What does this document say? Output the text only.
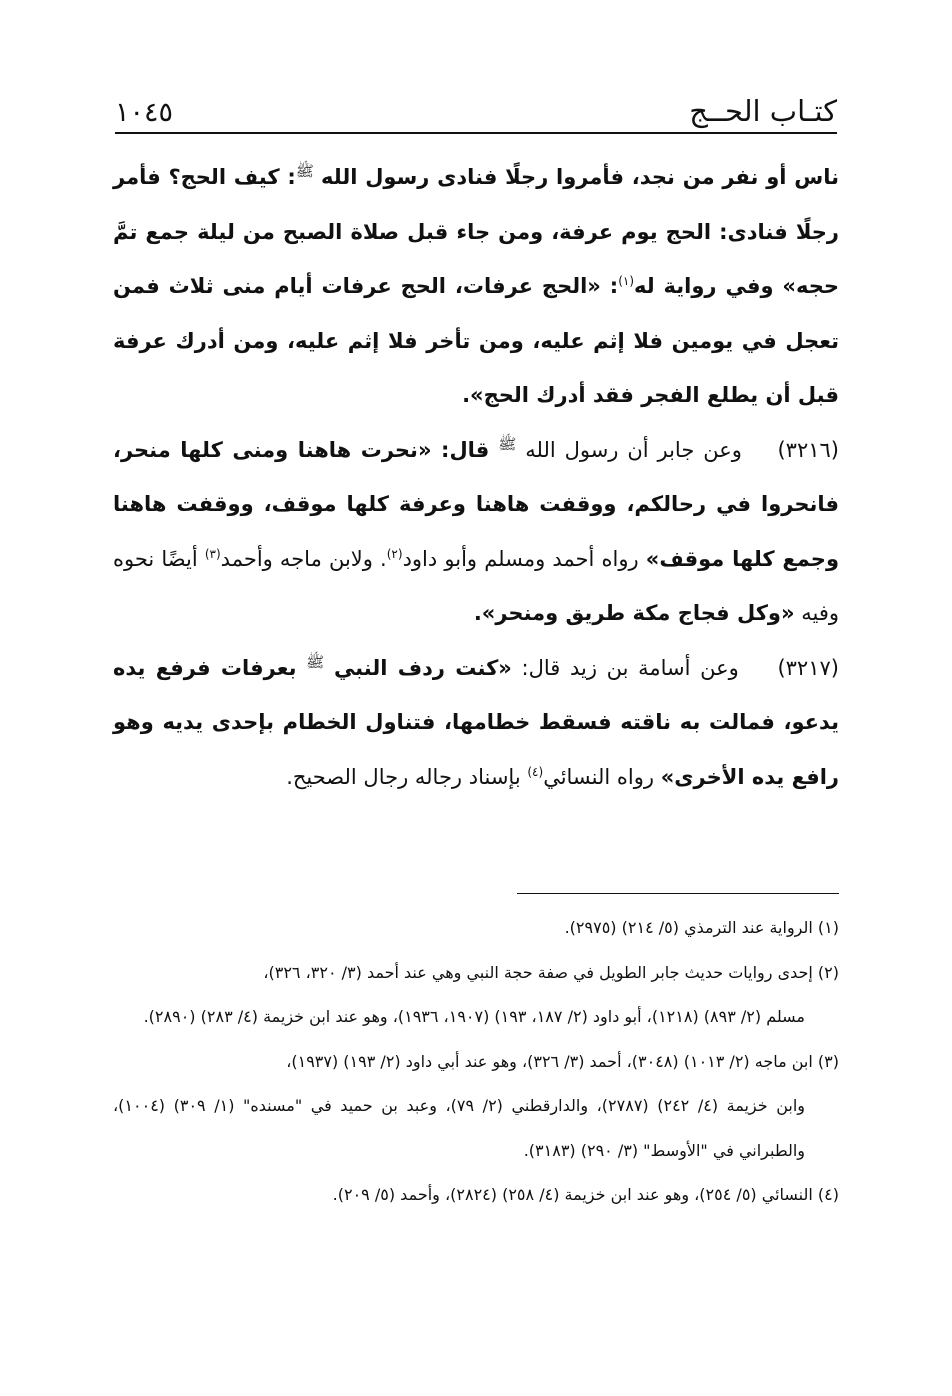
كتـاب الحــج
١٠٤٥

ناس أو نفر من نجد، فأمروا رجلًا فنادى رسول الله $^ﷺ$: كيف الحج؟ فأمر رجلًا فنادى: الحج يوم عرفة، ومن جاء قبل صلاة الصبح من ليلة جمع تمَّ حجه» وفي رواية له$^{(١)}$: «الحج عرفات، الحج عرفات أيام منى ثلاث فمن تعجل في يومين فلا إثم عليه، ومن تأخر فلا إثم عليه، ومن أدرك عرفة قبل أن يطلع الفجر فقد أدرك الحج».

(٣٢١٦)    وعن جابر أن رسول الله $^ﷺ$ قال: «نحرت هاهنا ومنى كلها منحر، فانحروا في رحالكم، ووقفت هاهنا وعرفة كلها موقف، ووقفت هاهنا وجمع كلها موقف» رواه أحمد ومسلم وأبو داود$^{(٢)}$. ولابن ماجه وأحمد$^{(٣)}$ أيضًا نحوه وفيه «وكل فجاج مكة طريق ومنحر».

(٣٢١٧)    وعن أسامة بن زيد قال: «كنت ردف النبي $^ﷺ$ بعرفات فرفع يده يدعو، فمالت به ناقته فسقط خطامها، فتناول الخطام بإحدى يديه وهو رافع يده الأخرى» رواه النسائي$^{(٤)}$ بإسناد رجاله رجال الصحيح.

(١) الرواية عند الترمذي (٥/ ٢١٤) (٢٩٧٥).

(٢) إحدى روايات حديث جابر الطويل في صفة حجة النبي وهي عند أحمد (٣/ ٣٢٠، ٣٢٦)،
مسلم (٢/ ٨٩٣) (١٢١٨)، أبو داود (٢/ ١٨٧، ١٩٣) (١٩٠٧، ١٩٣٦)، وهو عند ابن خزيمة (٤/ ٢٨٣) (٢٨٩٠).

(٣) ابن ماجه (٢/ ١٠١٣) (٣٠٤٨)، أحمد (٣/ ٣٢٦)، وهو عند أبي داود (٢/ ١٩٣) (١٩٣٧)،
وابن خزيمة (٤/ ٢٤٢) (٢٧٨٧)، والدارقطني (٢/ ٧٩)، وعبد بن حميد في "مسنده" (١/ ٣٠٩) (١٠٠٤)، والطبراني في "الأوسط" (٣/ ٢٩٠) (٣١٨٣).

(٤) النسائي (٥/ ٢٥٤)، وهو عند ابن خزيمة (٤/ ٢٥٨) (٢٨٢٤)، وأحمد (٥/ ٢٠٩).
